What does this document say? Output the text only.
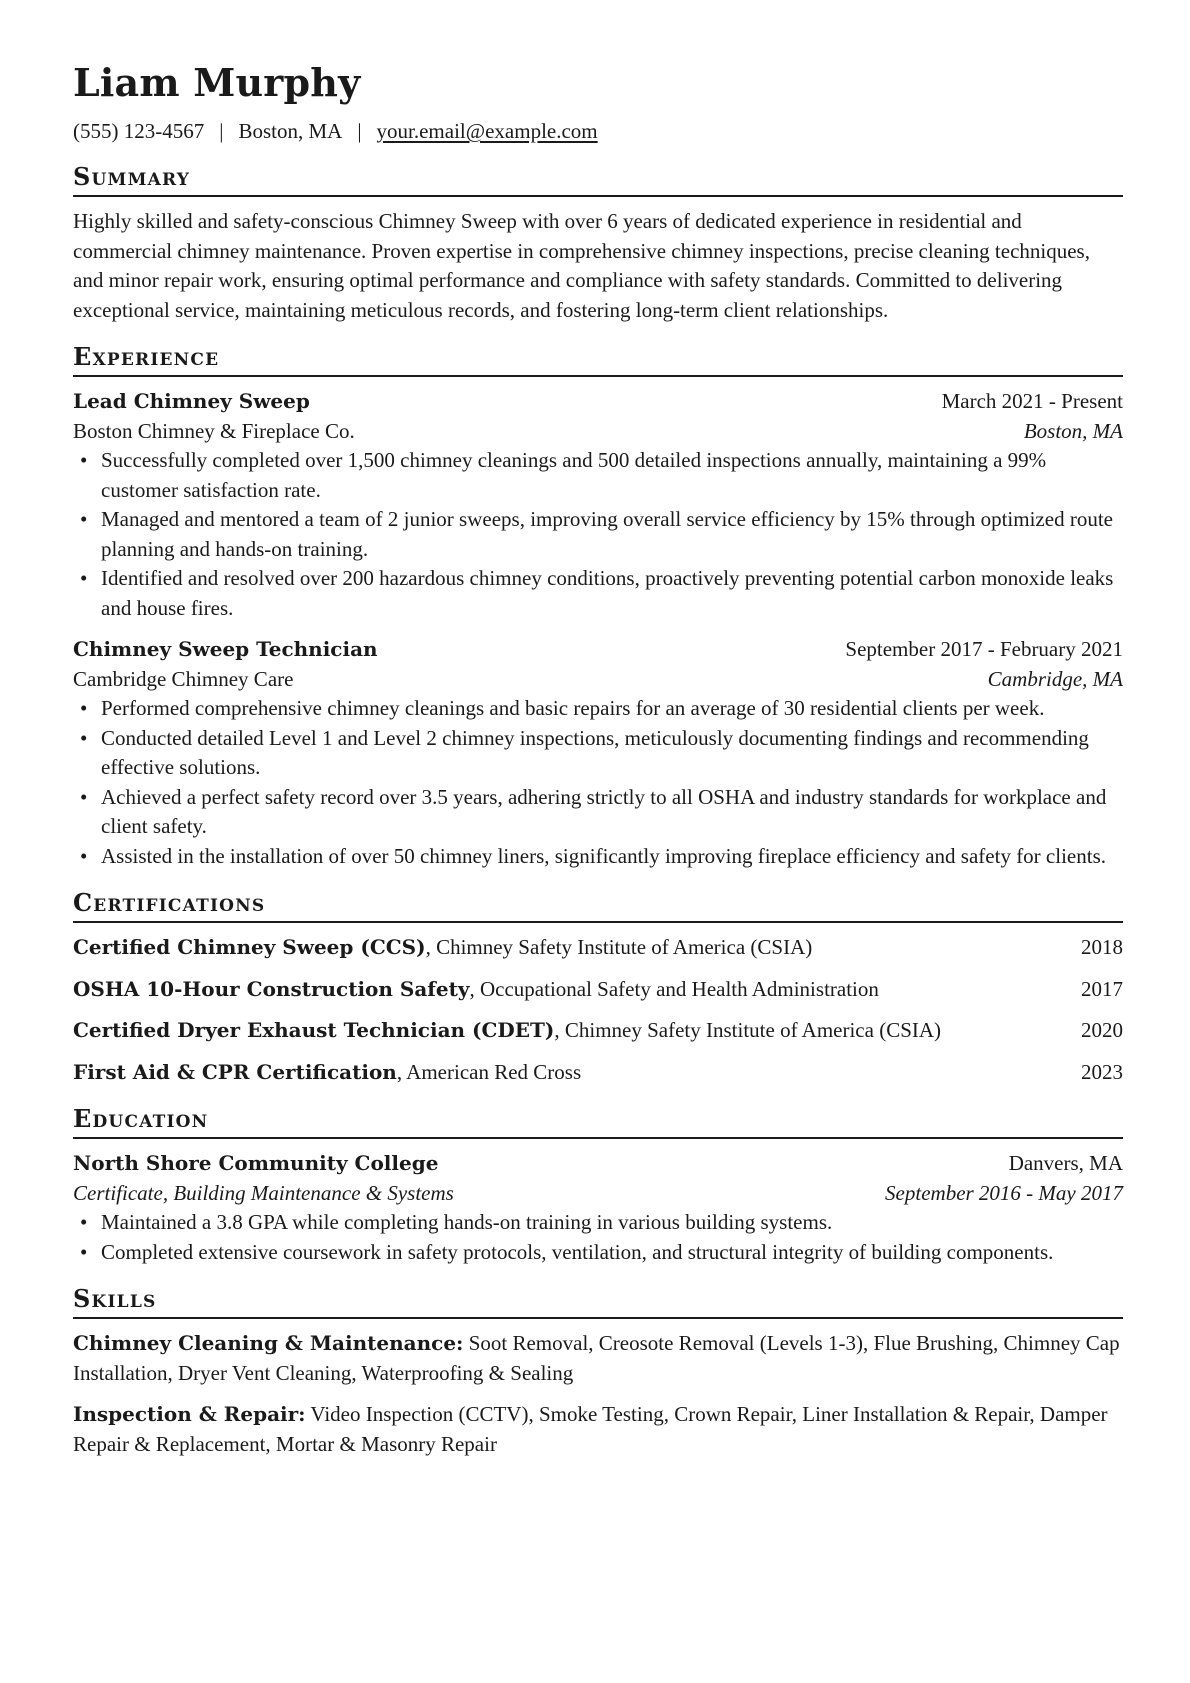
Liam Murphy
(555) 123-4567 | Boston, MA | your.email@example.com
Summary

Highly skilled and safety-conscious Chimney Sweep with over 6 years of dedicated experience in residential and commercial chimney maintenance. Proven expertise in comprehensive chimney inspections, precise cleaning techniques, and minor repair work, ensuring optimal performance and compliance with safety standards. Committed to delivering exceptional service, maintaining meticulous records, and fostering long-term client relationships.

Experience
Lead Chimney Sweep	March 2021 - Present
Boston Chimney & Fireplace Co.	Boston, MA
• Successfully completed over 1,500 chimney cleanings and 500 detailed inspections annually, maintaining a 99% customer satisfaction rate.
• Managed and mentored a team of 2 junior sweeps, improving overall service efficiency by 15% through optimized route planning and hands-on training.
• Identified and resolved over 200 hazardous chimney conditions, proactively preventing potential carbon monoxide leaks and house fires.
Chimney Sweep Technician	September 2017 - February 2021
Cambridge Chimney Care	Cambridge, MA
• Performed comprehensive chimney cleanings and basic repairs for an average of 30 residential clients per week.
• Conducted detailed Level 1 and Level 2 chimney inspections, meticulously documenting findings and recommending effective solutions.
• Achieved a perfect safety record over 3.5 years, adhering strictly to all OSHA and industry standards for workplace and client safety.
• Assisted in the installation of over 50 chimney liners, significantly improving fireplace efficiency and safety for clients.
Certifications
Certified Chimney Sweep (CCS), Chimney Safety Institute of America (CSIA)	2018
OSHA 10-Hour Construction Safety, Occupational Safety and Health Administration	2017
Certified Dryer Exhaust Technician (CDET), Chimney Safety Institute of America (CSIA)	2020
First Aid & CPR Certification, American Red Cross	2023
Education
North Shore Community College	Danvers, MA
Certificate, Building Maintenance & Systems	September 2016 - May 2017
• Maintained a 3.8 GPA while completing hands-on training in various building systems.
• Completed extensive coursework in safety protocols, ventilation, and structural integrity of building components.
Skills
Chimney Cleaning & Maintenance: Soot Removal, Creosote Removal (Levels 1-3), Flue Brushing, Chimney Cap Installation, Dryer Vent Cleaning, Waterproofing & Sealing
Inspection & Repair: Video Inspection (CCTV), Smoke Testing, Crown Repair, Liner Installation & Repair, Damper Repair & Replacement, Mortar & Masonry Repair
